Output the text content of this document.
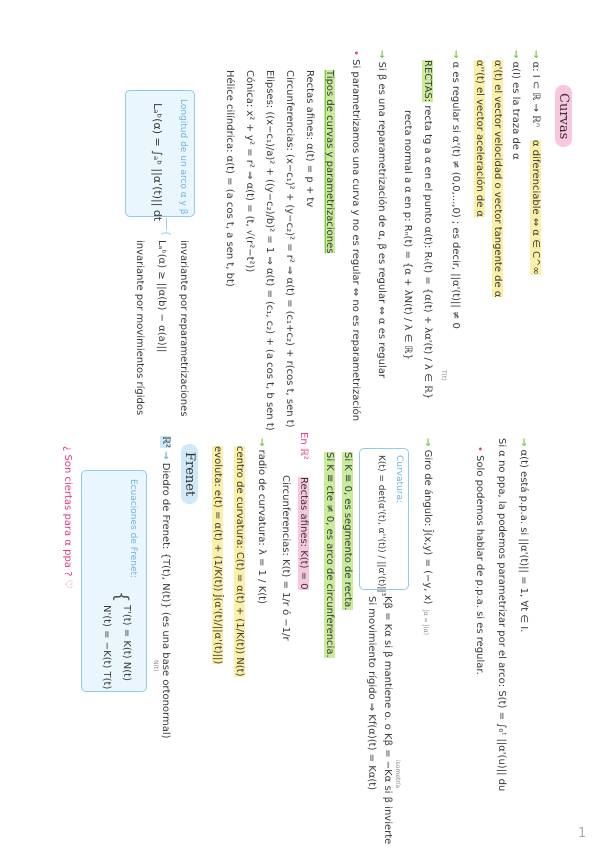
Curvas
→ α: I ⊂ ℝ → ℝⁿ
α diferenciable ⇔ α ∈ C^∞
→ α(I) es la traza de α
α'(t) el vector velocidad o vector tangente de α
α''(t) el vector aceleración de α
→ α es regular si α'(t) ≠ (0,0,...,0) ; es decir, ||α'(t)|| ≠ 0
RECTAS: recta tg a α en el punto α(t): Rₜ(t) = {α(t) + λα'(t) / λ ∈ ℝ} T(t)
recta normal a α en p: Rₙ(t) = {α + λN(t) / λ ∈ ℝ}
→ Si β es una reparametrización de α, β es regular ⇔ α es regular
• Si parametrizamos una curva y no es regular ⇔ no es reparametrización
Tipos de curvas y parametrizaciones
Rectas afines: α(t) = p + tv
Circunferencias: (x−c₁)² + (y−c₂)² = r² ⇒ α(t) = (c₁+c₂) + r(cos t, sen t)
Elipses: ((x−c₁)/a)² + ((y−c₂)/b)² = 1 ⇒ α(t) = (c₁, c₂) + (a cos t, b sen t)
Cónica: x² + y² = r² ⇒ α(t) = (t, √(r²−t²))
Hélice cilíndrica: α(t) = (a cos t, a sen t, bt)
Longitud de un arco α y β
Lₐᵇ(α) = ∫ₐᵇ ||α'(t)|| dt
──{
invariante por reparametrizaciones
Lₐᵇ(α) ≥ ||α(b) − α(a)||
invariante por movimientos rígidos
→ α(t) está p.p.a. si ||α'(t)|| = 1, ∀t ∈ I.
Si α no ppa, la podemos parametrizar por el arco: S(t) = ∫₀ᵗ ||α'(u)|| du
• Solo podemos hablar de p.p.a. si es regular.
→ Giro de ángulo: Ĵ(x,y) = (−y, x)
Ĵα = Ĵ(α)
Curvatura:
K(t) = det(α'(t), α''(t)) / ||α'(t)||³
Kβ = Kα si β mantiene o. o Kβ = −Kα si β invierte isometría
Si movimiento rígido ⇒ Kf(α)(t) = Kα(t)
Si K ≡ 0, es segmento de recta.
Si K ≡ cte ≠ 0, es arco de circunferencia.
En ℝ² Rectas afines: K(t) = 0
Circunferencias: K(t) = 1/r ó −1/r
→ radio de curvatura: λ = 1 / K(t)
centro de curvatura: C(t) = α(t) + (1/K(t)) N(t)
evoluta: e(t) = α(t) + (1/K(t)) Ĵ(α'(t)/||α'(t)||)
Frenet
ℝ² → Diedro de Frenet: {T(t), N(t)} (es una base ortonormal)
Ecuaciones de Frenet:
{
T'(t) = K(t) N(t)
N'(t) = −K(t) T(t)	N(t)
¿ Son ciertas para α ppa ? ♡
1
